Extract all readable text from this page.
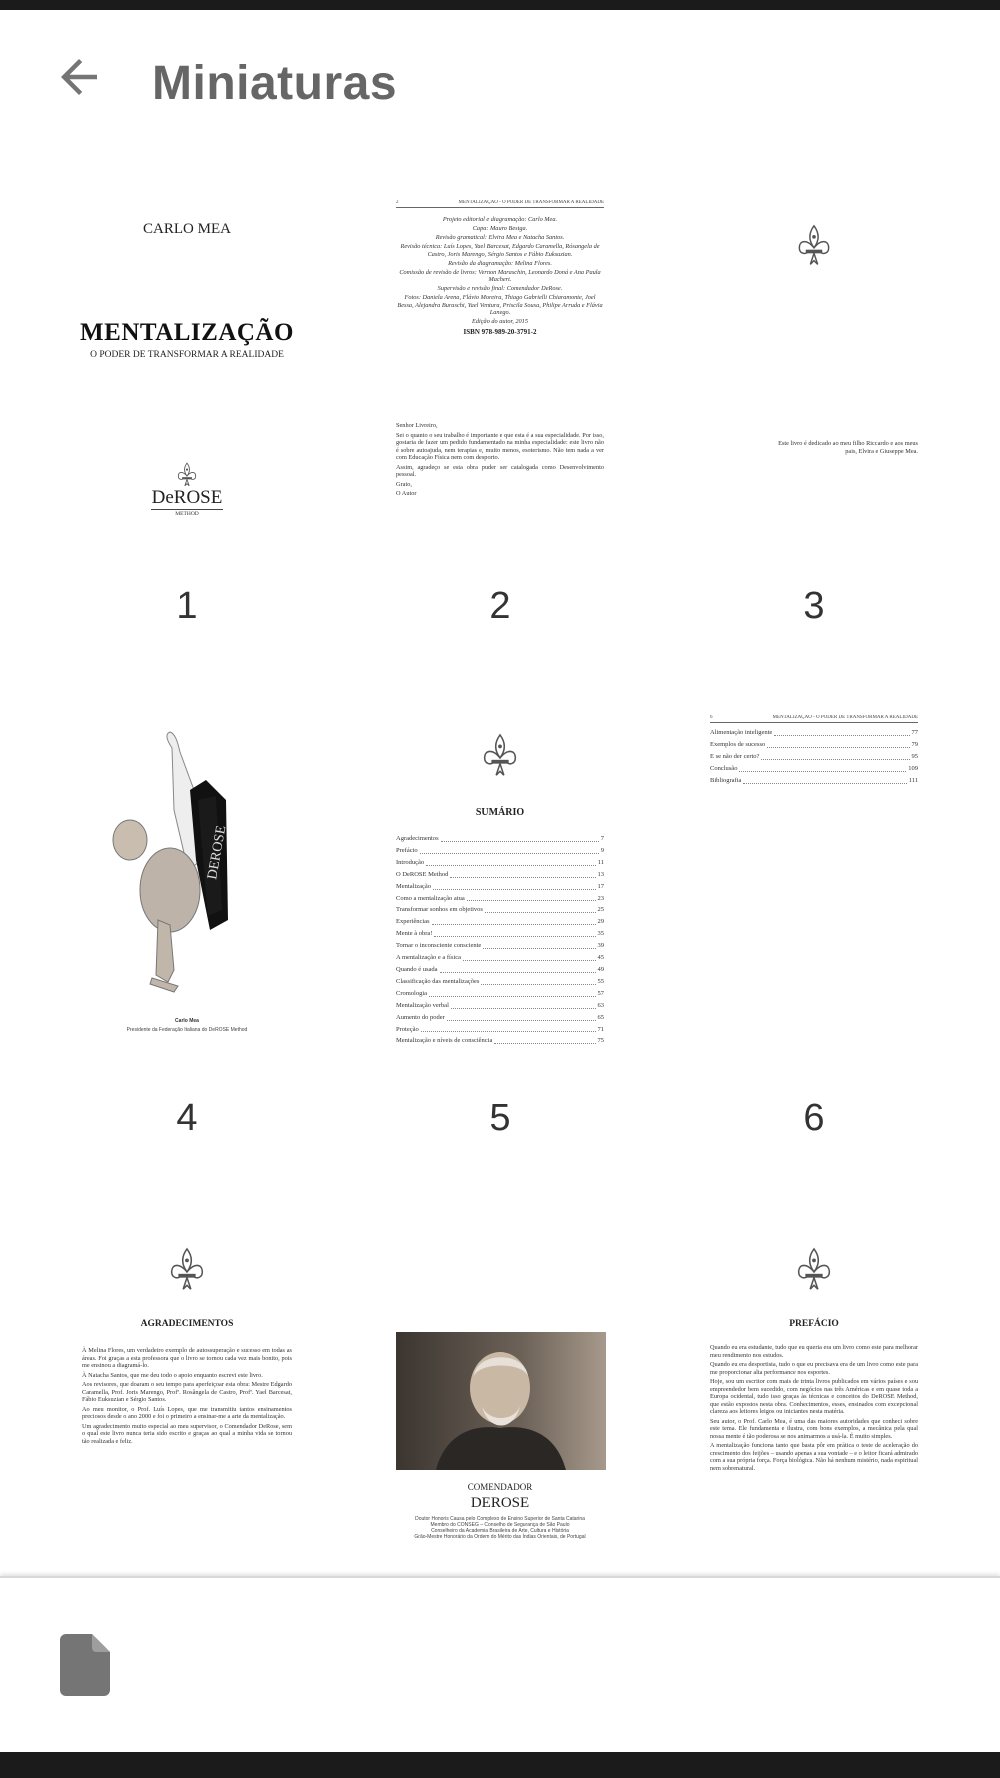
Miniaturas
CARLO MEA
MENTALIZAÇÃO
O PODER DE TRANSFORMAR A REALIDADE
DeROSE
METHOD
1
2	MENTALIZAÇÃO - O PODER DE TRANSFORMAR A REALIDADE
Projeto editorial e diagramação: Carlo Mea.
Capa: Mauro Bestga.
Revisão gramatical: Elvira Mea e Natacha Santos.
Revisão técnica: Luís Lopes, Yael Barcesat, Edgardo Caramella, Rósangela de Castro, Joris Marengo, Sérgio Santos e Fábio Euksuzian.
Revisão da diagramação: Melina Flores.
Comissão de revisão de livros: Vernon Maraschin, Leonardo Doná e Ana Paula Machert.
Supervisão e revisão final: Comendador DeRose.
Fotos: Daniela Arena, Flávio Moreira, Thiago Gabrielli Chiaramonte, Joel Bessa, Alejandra Buraschi, Yael Ventura, Priscila Sousa, Philipe Arruda e Flávia Lanego.
Edição do autor, 2015
ISBN 978-989-20-3791-2
Senhor Livreiro,
Sei o quanto o seu trabalho é importante e que esta é a sua especialidade. Por isso, gostaria de fazer um pedido fundamentado na minha especialidade: este livro não é sobre autoajuda, nem terapias e, muito menos, esoterismo. Não tem nada a ver com Educação Física nem com desporto.
Assim, agradeço se esta obra puder ser catalogada como Desenvolvimento pessoal.
Grato,
O Autor
2
Este livro é dedicado ao meu filho Riccardo e aos meus pais, Elvira e Giuseppe Mea.
3
DEROSE
Carlo Mea
Presidente da Federação Italiana do DeROSE Method
4
SUMÁRIO
Agradecimentos	7
Prefácio	9
Introdução	11
O DeROSE Method	13
Mentalização	17
Como a mentalização atua	23
Transformar sonhos em objetivos	25
Experiências	29
Mente à obra!	35
Tornar o inconsciente consciente	39
A mentalização e a física	45
Quando é usada	49
Classificação das mentalizações	55
Cromologia	57
Mentalização verbal	63
Aumento do poder	65
Proteção	71
Mentalização e níveis de consciência	75
5
6	MENTALIZAÇÃO - O PODER DE TRANSFORMAR A REALIDADE
Alimentação inteligente	77
Exemplos de sucesso	79
E se não der certo?	95
Conclusão	109
Bibliografia	111
6
AGRADECIMENTOS
À Melina Flores, um verdadeiro exemplo de autossuperação e sucesso em todas as áreas. Foi graças a esta professora que o livro se tornou cada vez mais bonito, pois me ensinou a diagramá-lo.
À Natacha Santos, que me deu todo o apoio enquanto escrevi este livro.
Aos revisores, que doaram o seu tempo para aperfeiçoar esta obra: Mestre Edgardo Caramella, Prof. Joris Marengo, Profª. Rosângela de Castro, Profª. Yael Barcesat, Fábio Euksuzian e Sérgio Santos.
Ao meu monitor, o Prof. Luís Lopes, que me transmitiu tantos ensinamentos preciosos desde o ano 2000 e foi o primeiro a ensinar-me a arte da mentalização.
Um agradecimento muito especial ao meu supervisor, o Comendador DeRose, sem o qual este livro nunca teria sido escrito e graças ao qual a minha vida se tornou tão realizada e feliz.
COMENDADOR
DEROSE
Doutor Honoris Causa pelo Complexo de Ensino Superior de Santa Catarina
Membro do CONSEG – Conselho de Segurança de São Paulo
Conselheiro da Academia Brasileira de Arte, Cultura e História
Grão-Mestre Honorário da Ordem do Mérito das Índias Orientais, de Portugal
PREFÁCIO
Quando eu era estudante, tudo que eu queria era um livro como este para melhorar meu rendimento nos estudos.
Quando eu era desportista, tudo o que eu precisava era de um livro como este para me proporcionar alta performance nos esportes.
Hoje, sou um escritor com mais de trinta livros publicados em vários países e sou empreendedor bem sucedido, com negócios nas três Américas e em quase toda a Europa ocidental, tudo isso graças às técnicas e conceitos do DeROSE Method, que estão expostos nesta obra. Conhecimentos, esses, ensinados com excepcional clareza aos leitores leigos ou iniciantes nesta matéria.
Seu autor, o Prof. Carlo Mea, é uma das maiores autoridades que conheci sobre este tema. Ele fundamenta e ilustra, com bons exemplos, a mecânica pela qual nossa mente é tão poderosa se nos animarmos a usá-la. É muito simples.
A mentalização funciona tanto que basta pôr em prática o teste de aceleração do crescimento dos feijões – usando apenas a sua vontade – e o leitor ficará admirado com a sua própria força. Força biológica. Não há nenhum mistério, nada espiritual nem sobrenatural.
